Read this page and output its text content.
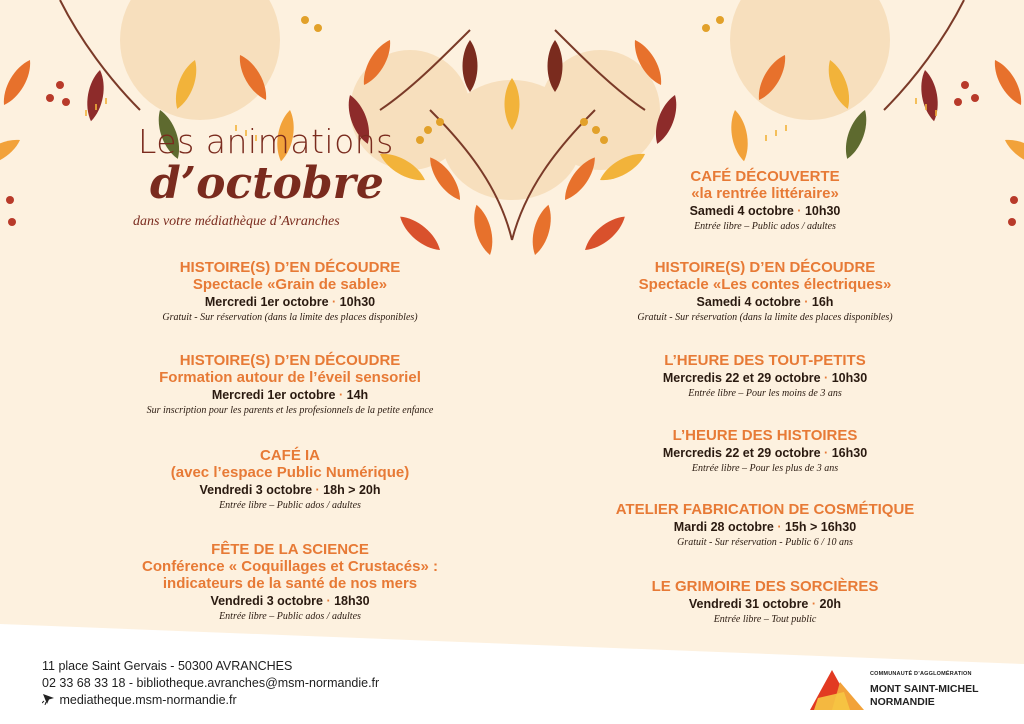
Les animations
d’octobre
dans votre médiathèque d’Avranches
HISTOIRE(S) D’EN DÉCOUDRE
Spectacle «Grain de sable»
Mercredi 1er octobre · 10h30
Gratuit - Sur réservation (dans la limite des places disponibles)
HISTOIRE(S) D’EN DÉCOUDRE
Formation autour de l’éveil sensoriel
Mercredi 1er octobre · 14h
Sur inscription pour les parents et les profesionnels de la petite enfance
CAFÉ IA
(avec l’espace Public Numérique)
Vendredi 3 octobre · 18h > 20h
Entrée libre – Public ados / adultes
FÊTE DE LA SCIENCE
Conférence « Coquillages et Crustacés» :
indicateurs de la santé de nos mers
Vendredi 3 octobre · 18h30
Entrée libre – Public ados / adultes
CAFÉ DÉCOUVERTE
«la rentrée littéraire»
Samedi 4 octobre · 10h30
Entrée libre – Public ados / adultes
HISTOIRE(S) D’EN DÉCOUDRE
Spectacle «Les contes électriques»
Samedi 4 octobre · 16h
Gratuit - Sur réservation (dans la limite des places disponibles)
L’HEURE DES TOUT-PETITS
Mercredis 22 et 29 octobre · 10h30
Entrée libre – Pour les moins de 3 ans
L’HEURE DES HISTOIRES
Mercredis 22 et 29 octobre · 16h30
Entrée libre – Pour les plus de 3 ans
ATELIER FABRICATION DE COSMÉTIQUE
Mardi 28 octobre · 15h > 16h30
Gratuit - Sur réservation - Public 6 / 10 ans
LE GRIMOIRE DES SORCIÈRES
Vendredi 31 octobre · 20h
Entrée libre – Tout public
11 place Saint Gervais - 50300 AVRANCHES
02 33 68 33 18 - bibliotheque.avranches@msm-normandie.fr
mediatheque.msm-normandie.fr
COMMUNAUTÉ D’AGGLOMÉRATION
MONT SAINT-MICHEL
NORMANDIE
